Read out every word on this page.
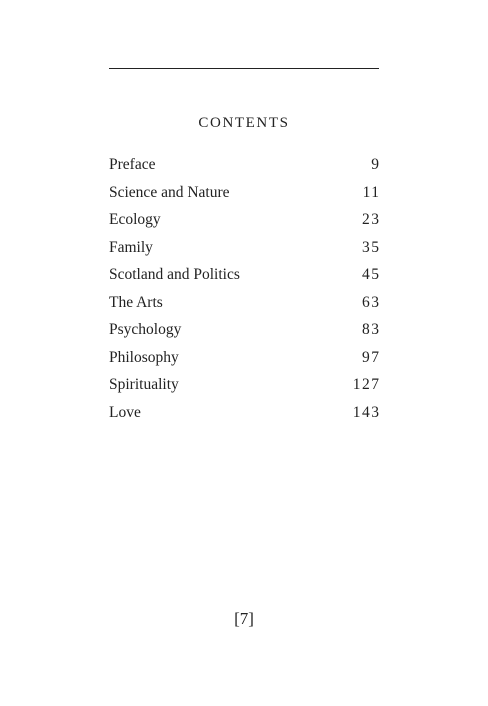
CONTENTS
Preface	9
Science and Nature	11
Ecology	23
Family	35
Scotland and Politics	45
The Arts	63
Psychology	83
Philosophy	97
Spirituality	127
Love	143
[7]
